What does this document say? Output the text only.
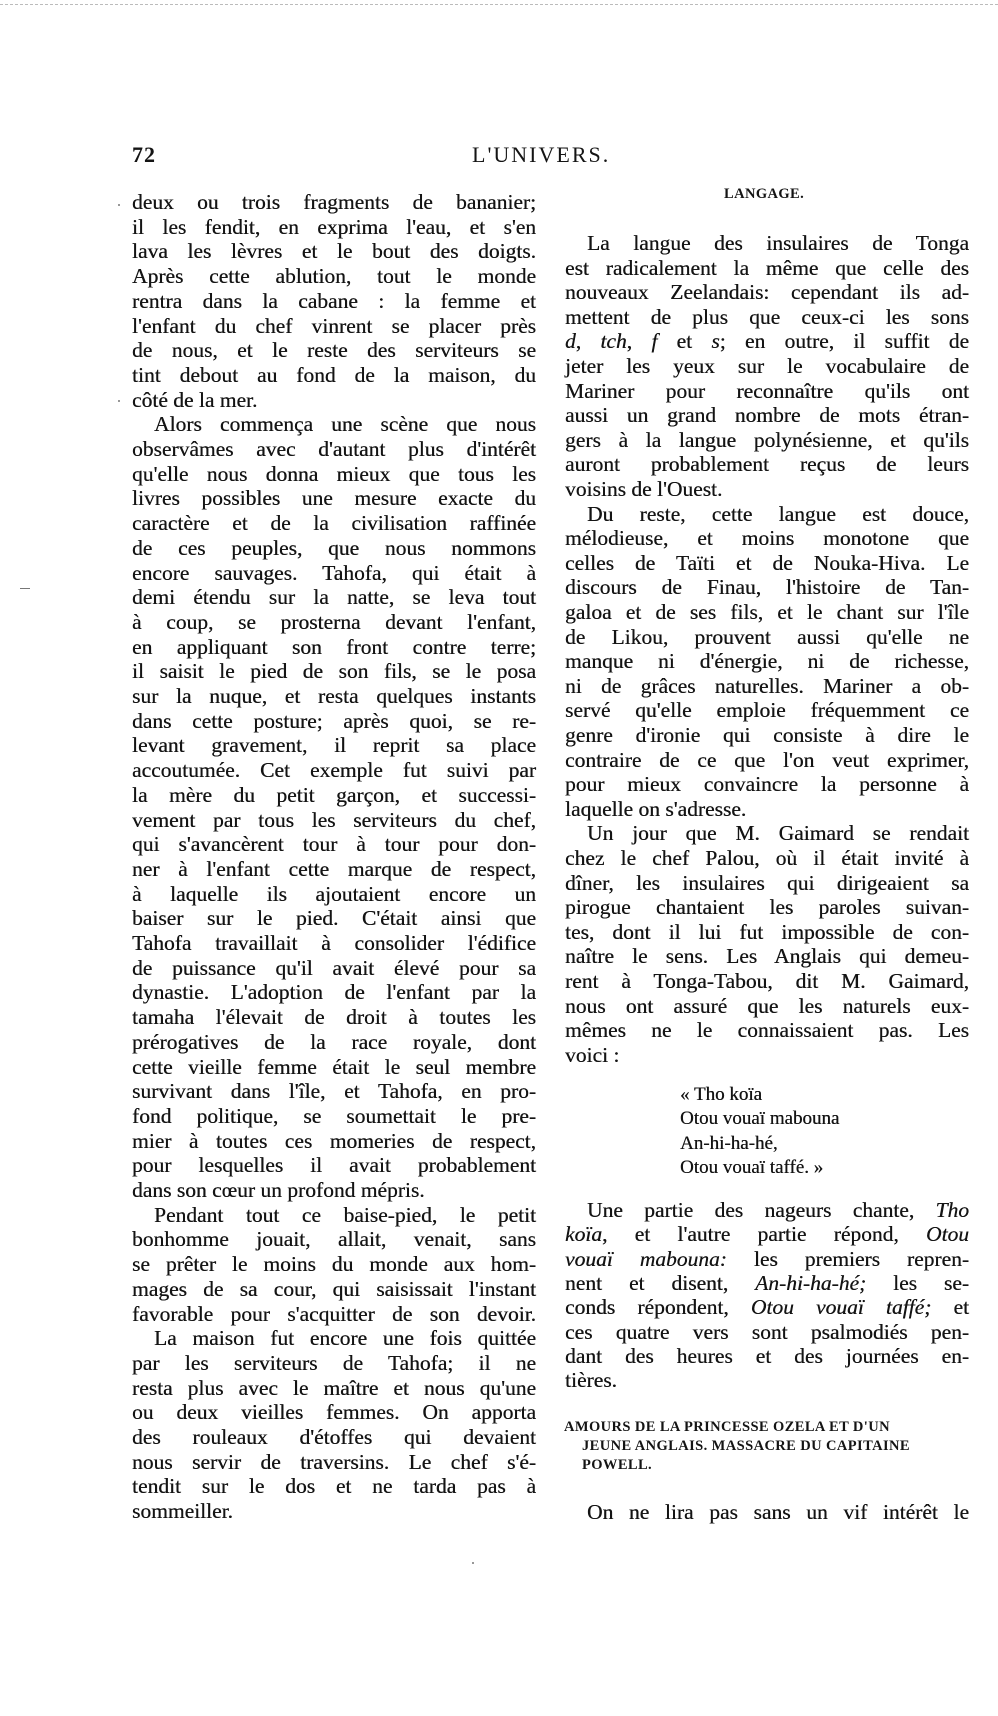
72	L'UNIVERS.
deux ou trois fragments de bananier;
il les fendit, en exprima l'eau, et s'en
lava les lèvres et le bout des doigts.
Après cette ablution, tout le monde
rentra dans la cabane : la femme et
l'enfant du chef vinrent se placer près
de nous, et le reste des serviteurs se
tint debout au fond de la maison, du
côté de la mer.
Alors commença une scène que nous
observâmes avec d'autant plus d'intérêt
qu'elle nous donna mieux que tous les
livres possibles une mesure exacte du
caractère et de la civilisation raffinée
de ces peuples, que nous nommons
encore sauvages. Tahofa, qui était à
demi étendu sur la natte, se leva tout
à coup, se prosterna devant l'enfant,
en appliquant son front contre terre;
il saisit le pied de son fils, se le posa
sur la nuque, et resta quelques instants
dans cette posture; après quoi, se re-
levant gravement, il reprit sa place
accoutumée. Cet exemple fut suivi par
la mère du petit garçon, et successi-
vement par tous les serviteurs du chef,
qui s'avancèrent tour à tour pour don-
ner à l'enfant cette marque de respect,
à laquelle ils ajoutaient encore un
baiser sur le pied. C'était ainsi que
Tahofa travaillait à consolider l'édifice
de puissance qu'il avait élevé pour sa
dynastie. L'adoption de l'enfant par la
tamaha l'élevait de droit à toutes les
prérogatives de la race royale, dont
cette vieille femme était le seul membre
survivant dans l'île, et Tahofa, en pro-
fond politique, se soumettait le pre-
mier à toutes ces momeries de respect,
pour lesquelles il avait probablement
dans son cœur un profond mépris.
Pendant tout ce baise-pied, le petit
bonhomme jouait, allait, venait, sans
se prêter le moins du monde aux hom-
mages de sa cour, qui saisissait l'instant
favorable pour s'acquitter de son devoir.
La maison fut encore une fois quittée
par les serviteurs de Tahofa; il ne
resta plus avec le maître et nous qu'une
ou deux vieilles femmes. On apporta
des rouleaux d'étoffes qui devaient
nous servir de traversins. Le chef s'é-
tendit sur le dos et ne tarda pas à
sommeiller.
La langue des insulaires de Tonga
est radicalement la même que celle des
nouveaux Zeelandais: cependant ils ad-
mettent de plus que ceux-ci les sons
d, tch, f et s; en outre, il suffit de
jeter les yeux sur le vocabulaire de
Mariner pour reconnaître qu'ils ont
aussi un grand nombre de mots étran-
gers à la langue polynésienne, et qu'ils
auront probablement reçus de leurs
voisins de l'Ouest.
Du reste, cette langue est douce,
mélodieuse, et moins monotone que
celles de Taïti et de Nouka-Hiva. Le
discours de Finau, l'histoire de Tan-
galoa et de ses fils, et le chant sur l'île
de Likou, prouvent aussi qu'elle ne
manque ni d'énergie, ni de richesse,
ni de grâces naturelles. Mariner a ob-
servé qu'elle emploie fréquemment ce
genre d'ironie qui consiste à dire le
contraire de ce que l'on veut exprimer,
pour mieux convaincre la personne à
laquelle on s'adresse.
Un jour que M. Gaimard se rendait
chez le chef Palou, où il était invité à
dîner, les insulaires qui dirigeaient sa
pirogue chantaient les paroles suivan-
tes, dont il lui fut impossible de con-
naître le sens. Les Anglais qui demeu-
rent à Tonga-Tabou, dit M. Gaimard,
nous ont assuré que les naturels eux-
mêmes ne le connaissaient pas. Les
voici :
Une partie des nageurs chante, Tho
koïa, et l'autre partie répond, Otou
vouaï mabouna: les premiers repren-
nent et disent, An-hi-ha-hé; les se-
conds répondent, Otou vouaï taffé; et
ces quatre vers sont psalmodiés pen-
dant des heures et des journées en-
tières.
On ne lira pas sans un vif intérêt le
LANGAGE.
« Tho koïa
Otou vouaï mabouna
An-hi-ha-hé,
Otou vouaï taffé. »
AMOURS DE LA PRINCESSE OZELA ET D'UN
JEUNE ANGLAIS. MASSACRE DU CAPITAINE
POWELL.
